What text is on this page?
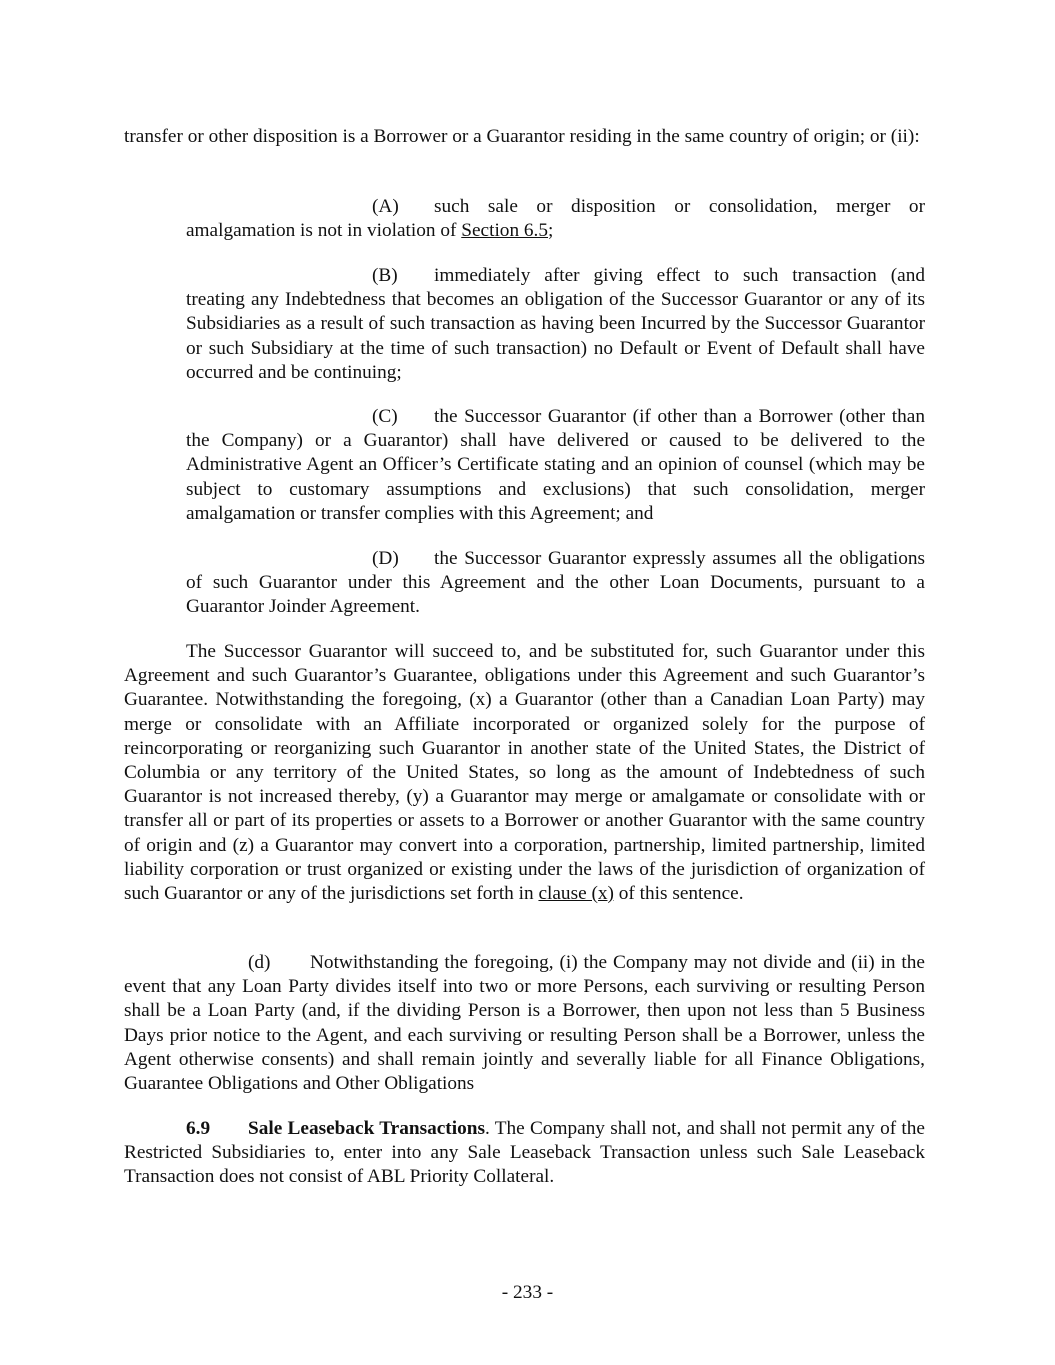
transfer or other disposition is a Borrower or a Guarantor residing in the same country of origin; or (ii):

(A) such sale or disposition or consolidation, merger or amalgamation is not in violation of Section 6.5;

(B) immediately after giving effect to such transaction (and treating any Indebtedness that becomes an obligation of the Successor Guarantor or any of its Subsidiaries as a result of such transaction as having been Incurred by the Successor Guarantor or such Subsidiary at the time of such transaction) no Default or Event of Default shall have occurred and be continuing;

(C) the Successor Guarantor (if other than a Borrower (other than the Company) or a Guarantor) shall have delivered or caused to be delivered to the Administrative Agent an Officer’s Certificate stating and an opinion of counsel (which may be subject to customary assumptions and exclusions) that such consolidation, merger amalgamation or transfer complies with this Agreement; and

(D) the Successor Guarantor expressly assumes all the obligations of such Guarantor under this Agreement and the other Loan Documents, pursuant to a Guarantor Joinder Agreement.

The Successor Guarantor will succeed to, and be substituted for, such Guarantor under this Agreement and such Guarantor’s Guarantee, obligations under this Agreement and such Guarantor’s Guarantee. Notwithstanding the foregoing, (x) a Guarantor (other than a Canadian Loan Party) may merge or consolidate with an Affiliate incorporated or organized solely for the purpose of reincorporating or reorganizing such Guarantor in another state of the United States, the District of Columbia or any territory of the United States, so long as the amount of Indebtedness of such Guarantor is not increased thereby, (y) a Guarantor may merge or amalgamate or consolidate with or transfer all or part of its properties or assets to a Borrower or another Guarantor with the same country of origin and (z) a Guarantor may convert into a corporation, partnership, limited partnership, limited liability corporation or trust organized or existing under the laws of the jurisdiction of organization of such Guarantor or any of the jurisdictions set forth in clause (x) of this sentence.

(d) Notwithstanding the foregoing, (i) the Company may not divide and (ii) in the event that any Loan Party divides itself into two or more Persons, each surviving or resulting Person shall be a Loan Party (and, if the dividing Person is a Borrower, then upon not less than 5 Business Days prior notice to the Agent, and each surviving or resulting Person shall be a Borrower, unless the Agent otherwise consents) and shall remain jointly and severally liable for all Finance Obligations, Guarantee Obligations and Other Obligations

6.9 Sale Leaseback Transactions. The Company shall not, and shall not permit any of the Restricted Subsidiaries to, enter into any Sale Leaseback Transaction unless such Sale Leaseback Transaction does not consist of ABL Priority Collateral.

- 233 -
